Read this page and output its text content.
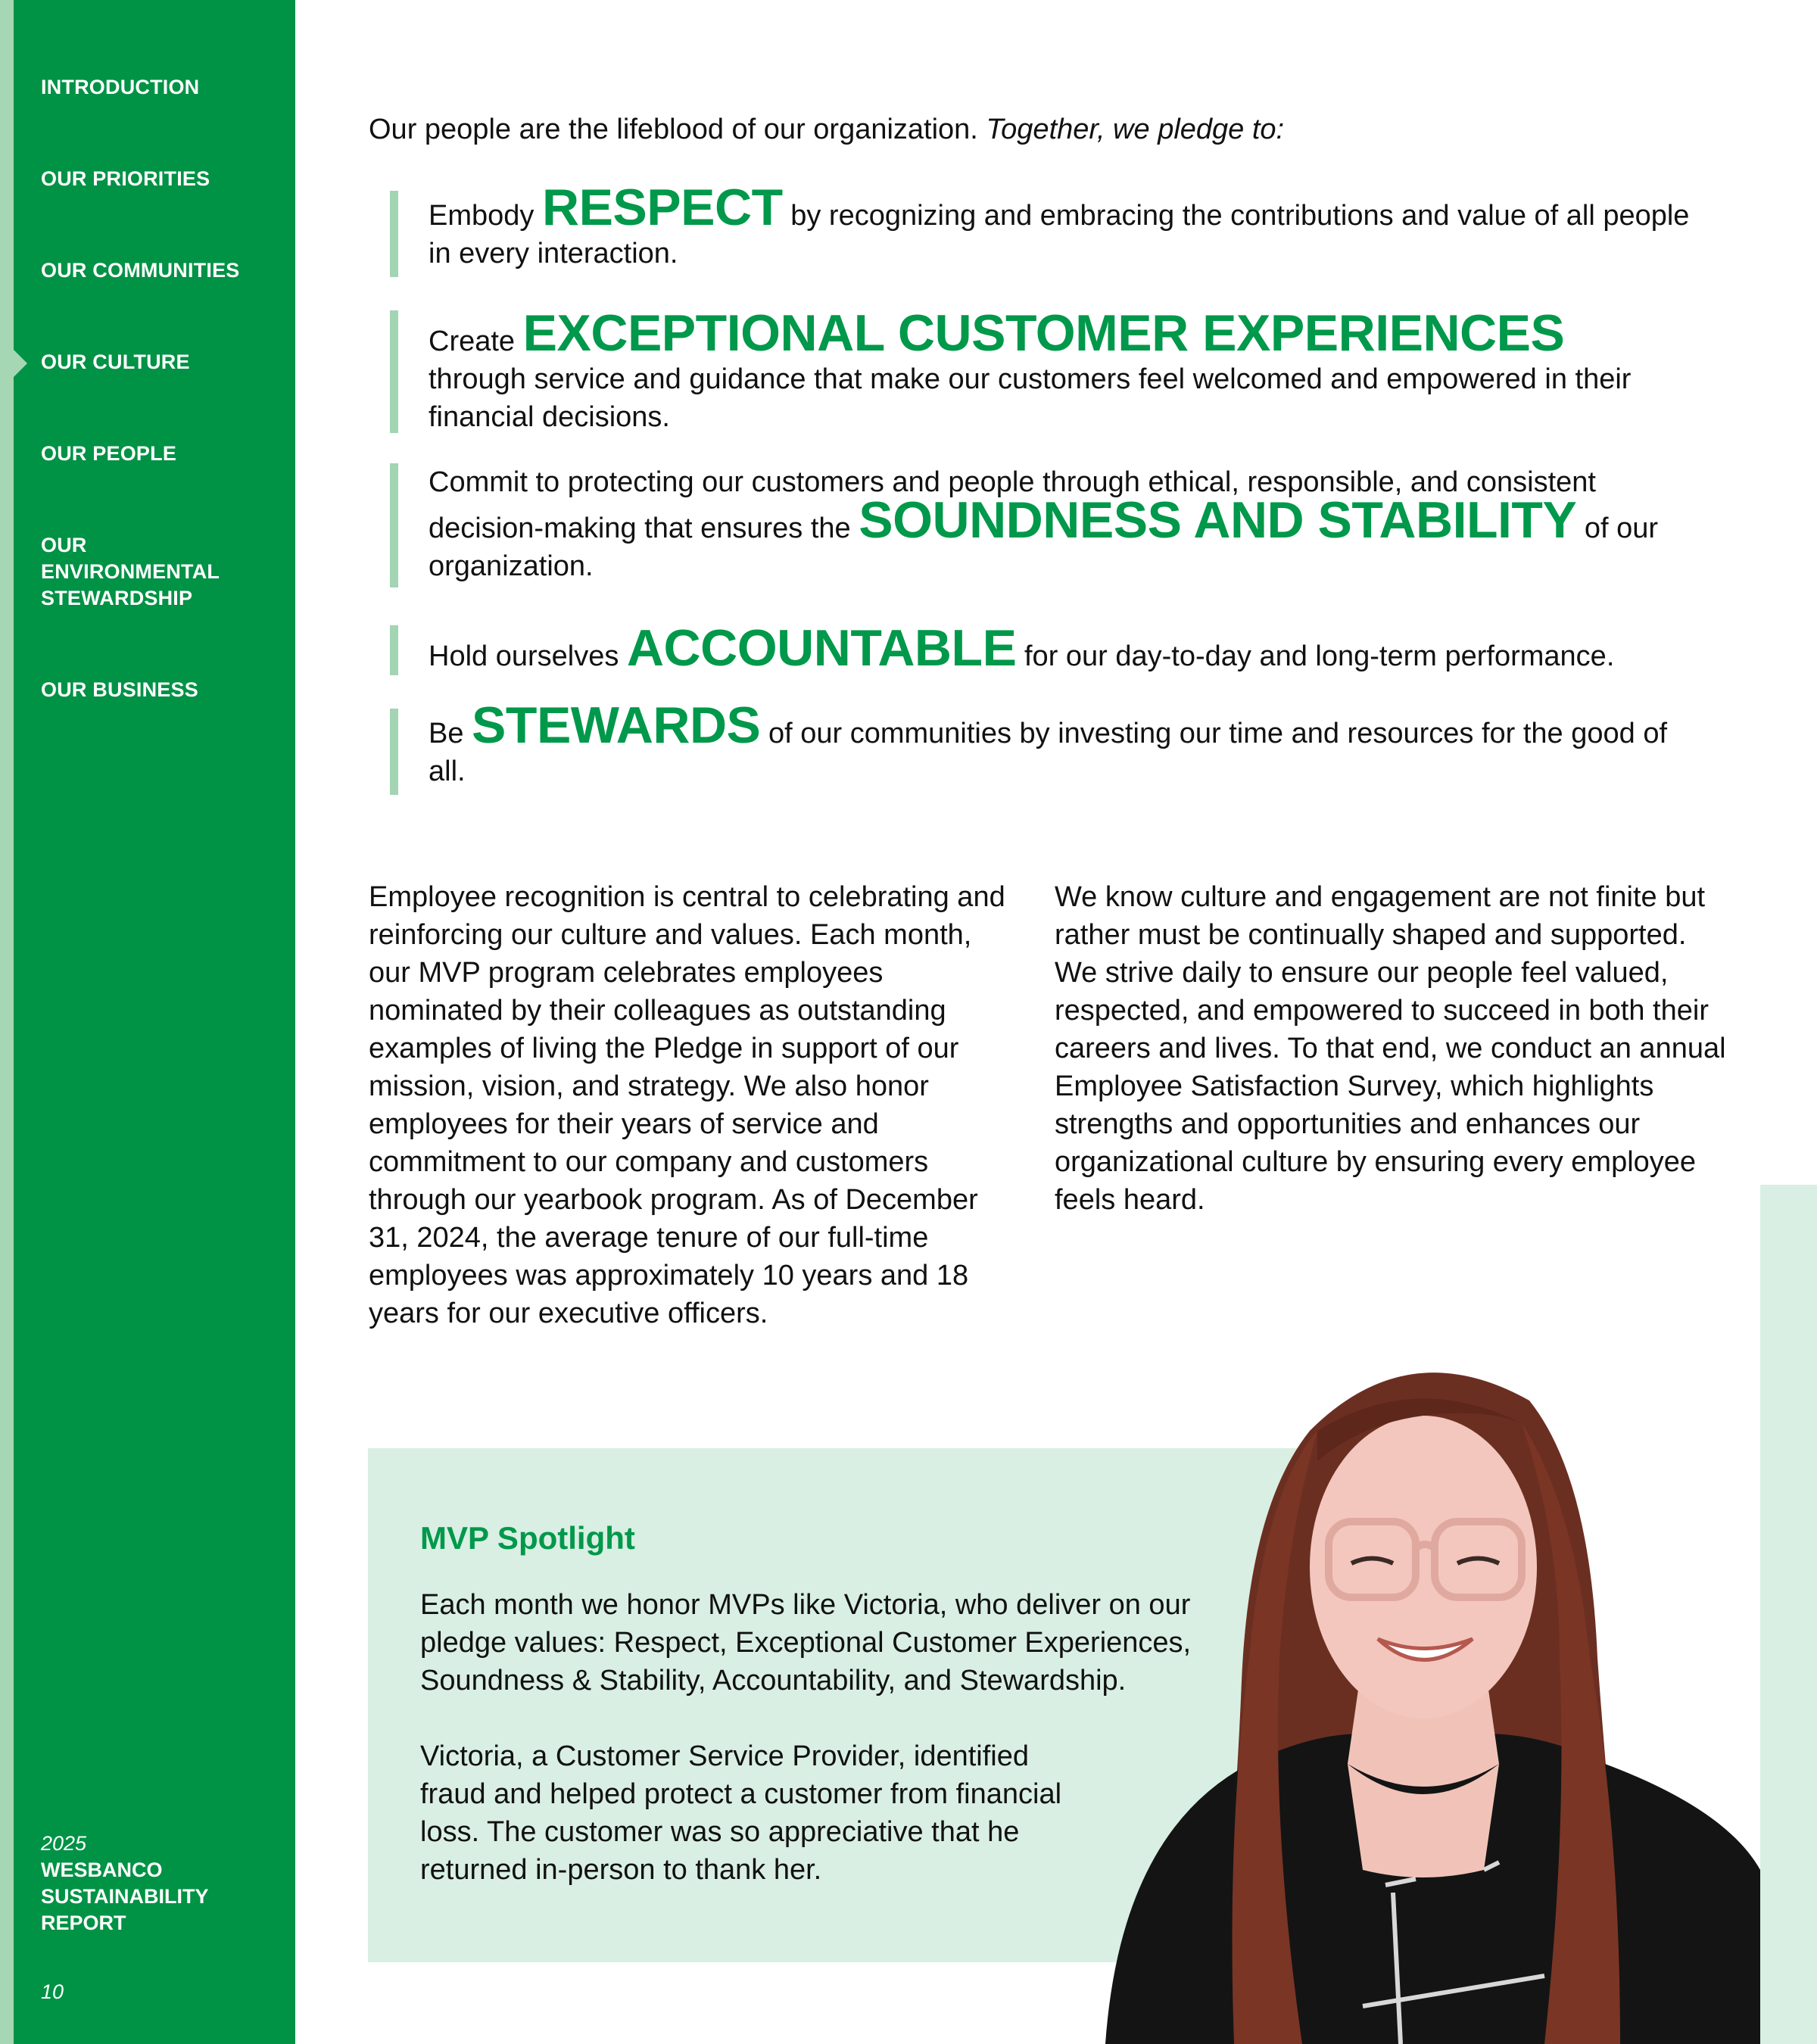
INTRODUCTION
OUR PRIORITIES
OUR COMMUNITIES
OUR CULTURE
OUR PEOPLE
OUR ENVIRONMENTAL STEWARDSHIP
OUR BUSINESS
2025
WESBANCO SUSTAINABILITY REPORT
10

Our people are the lifeblood of our organization. Together, we pledge to:

Embody RESPECT by recognizing and embracing the contributions and value of all people in every interaction.
Create EXCEPTIONAL CUSTOMER EXPERIENCES
through service and guidance that make our customers feel welcomed and empowered in their financial decisions.
Commit to protecting our customers and people through ethical, responsible, and consistent decision-making that ensures the SOUNDNESS AND STABILITY of our organization.
Hold ourselves ACCOUNTABLE for our day-to-day and long-term performance.
Be STEWARDS of our communities by investing our time and resources for the good of all.

Employee recognition is central to celebrating and reinforcing our culture and values. Each month, our MVP program celebrates employees nominated by their colleagues as outstanding examples of living the Pledge in support of our mission, vision, and strategy. We also honor employees for their years of service and commitment to our company and customers through our yearbook program. As of December 31, 2024, the average tenure of our full-time employees was approximately 10 years and 18 years for our executive officers.

We know culture and engagement are not finite but rather must be continually shaped and supported. We strive daily to ensure our people feel valued, respected, and empowered to succeed in both their careers and lives. To that end, we conduct an annual Employee Satisfaction Survey, which highlights strengths and opportunities and enhances our organizational culture by ensuring every employee feels heard.

MVP Spotlight

Each month we honor MVPs like Victoria, who deliver on our pledge values: Respect, Exceptional Customer Experiences, Soundness & Stability, Accountability, and Stewardship.

Victoria, a Customer Service Provider, identified fraud and helped protect a customer from financial loss. The customer was so appreciative that he returned in-person to thank her.
